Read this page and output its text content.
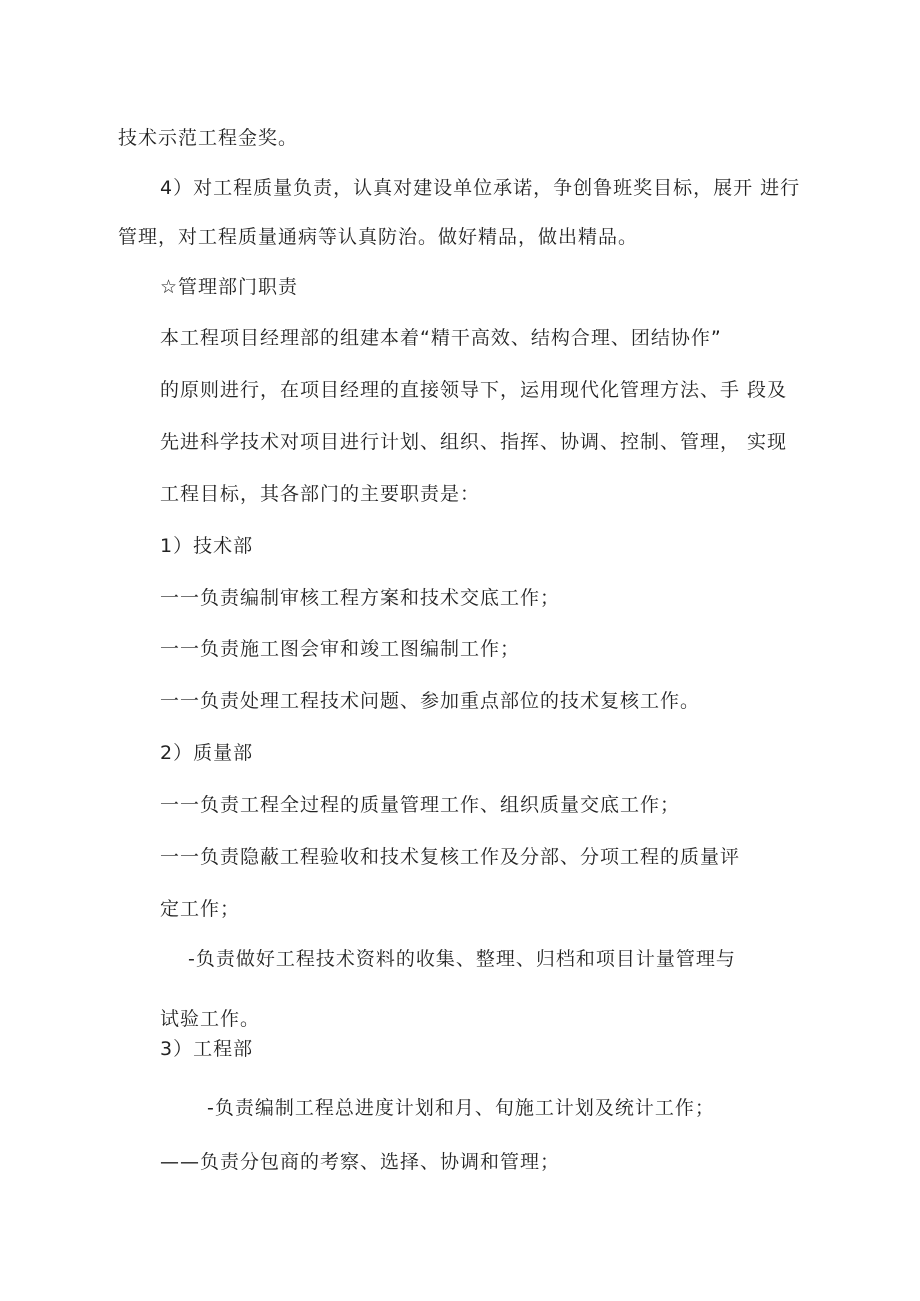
技术示范工程金奖。

4）对工程质量负责，认真对建设单位承诺，争创鲁班奖目标，展开 进行

管理，对工程质量通病等认真防治。做好精品，做出精品。

☆管理部门职责

本工程项目经理部的组建本着“精干高效、结构合理、团结协作”

的原则进行，在项目经理的直接领导下，运用现代化管理方法、手 段及

先进科学技术对项目进行计划、组织、指挥、协调、控制、管理， 实现

工程目标，其各部门的主要职责是：

1）技术部

一一负责编制审核工程方案和技术交底工作；

一一负责施工图会审和竣工图编制工作；

一一负责处理工程技术问题、参加重点部位的技术复核工作。

2）质量部

一一负责工程全过程的质量管理工作、组织质量交底工作；

一一负责隐蔽工程验收和技术复核工作及分部、分项工程的质量评

定工作；

-负责做好工程技术资料的收集、整理、归档和项目计量管理与

试验工作。

3）工程部

-负责编制工程总进度计划和月、旬施工计划及统计工作；

——负责分包商的考察、选择、协调和管理；
